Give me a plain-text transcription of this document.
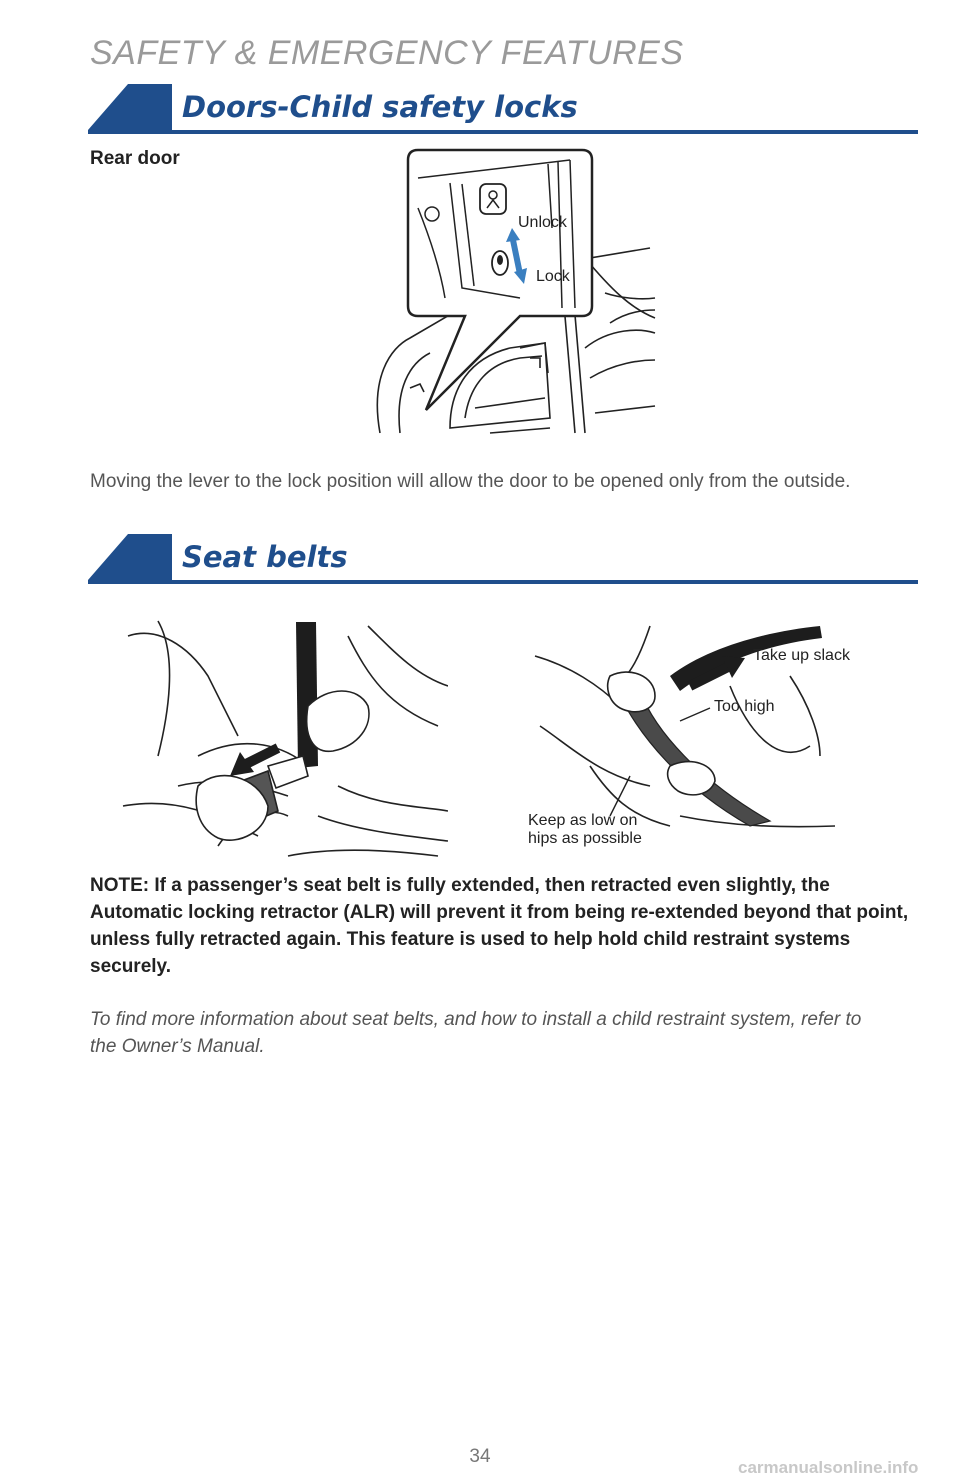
SAFETY & EMERGENCY FEATURES
Doors-Child safety locks
Rear door
Unlock
Lock
Moving the lever to the lock position will allow the door to be opened only from the outside.
Seat belts
Take up slack
Too high
Keep as low on
hips as possible
NOTE: If a passenger’s seat belt is fully extended, then retracted even slightly, the Automatic locking retractor (ALR) will prevent it from being re-extended beyond that point, unless fully retracted again. This feature is used to help hold child restraint systems securely.
To find more information about seat belts, and how to install a child restraint system, refer to the Owner’s Manual.
34
carmanualsonline.info
